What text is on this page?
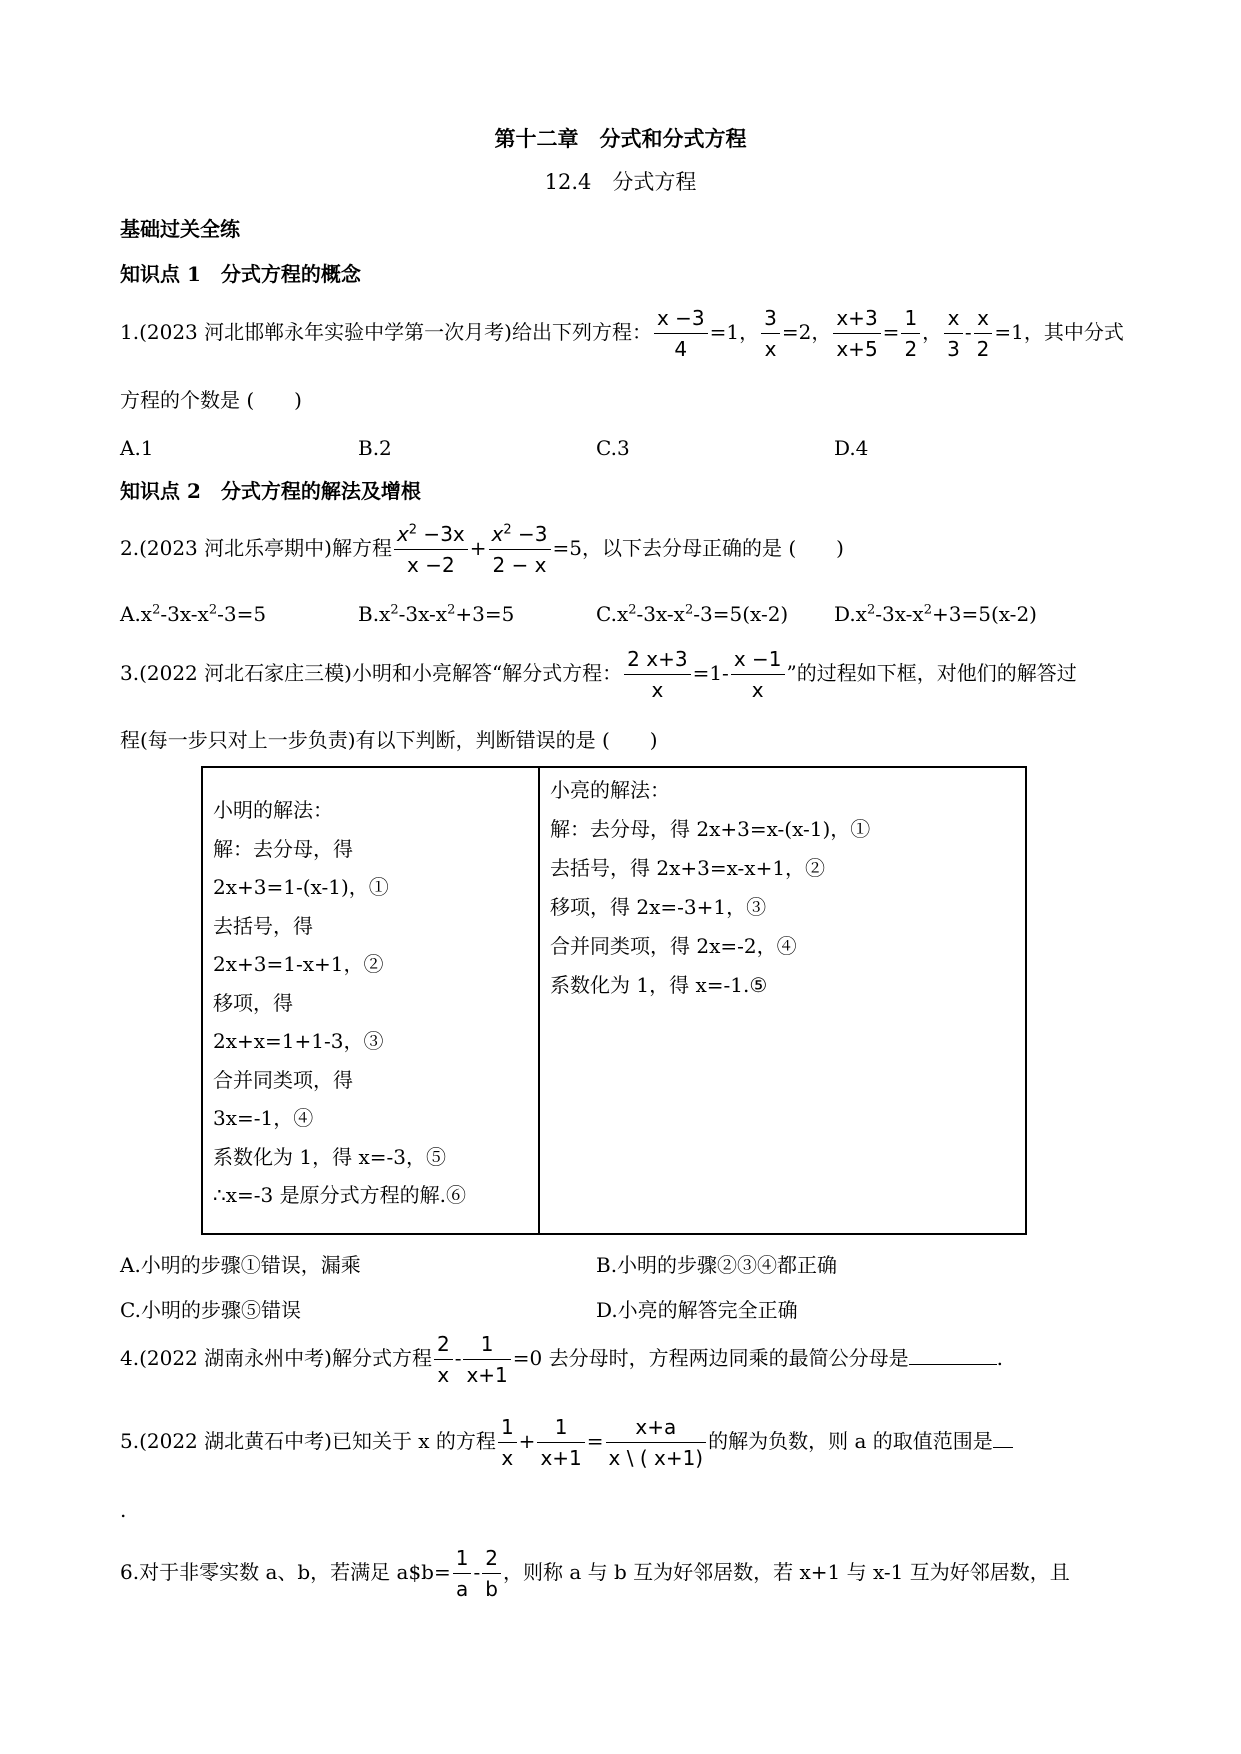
第十二章　分式和分式方程
12.4　分式方程
基础过关全练
知识点 1　分式方程的概念
1.(2023 河北邯郸永年实验中学第一次月考)给出下列方程： $\frac{x -3}{4} =1$， $\frac{3}{x} =2$， $\frac{x+3}{x+5} = \frac{1}{2}$ ， $\frac{x}{3} - \frac{x}{2} =1$，其中分式
方程的个数是 (　　)
A.1	B.2	C.3	D.4
知识点 2　分式方程的解法及增根
2.(2023 河北乐亭期中)解方程 $\frac{x^2 -3x}{x -2} + \frac{x^2 -3}{2 - x} =5$，以下去分母正确的是 (　　)
$A.x^2-3x-x^2-3=5$	$B.x^2-3x-x^2+3=5$	$C.x^2-3x-x^2-3=5(x-2)$ $D.x^2-3x-x^2+3=5(x-2)$
3.(2022 河北石家庄三模)小明和小亮解答“解分式方程： $\frac{2 x+3}{x} =1- \frac{x -1}{x}$ ”的过程如下框，对他们的解答过
程(每一步只对上一步负责)有以下判断，判断错误的是 (　　)
小明的解法：
解：去分母，得
2x+3=1-(x-1)，①
去括号，得
2x+3=1-x+1，②
移项，得
2x+x=1+1-3，③
合并同类项，得
3x=-1，④
系数化为 1，得 x=-3，⑤
∴x=-3 是原分式方程的解.⑥
小亮的解法：
解：去分母，得 2x+3=x-(x-1)，①
去括号，得 2x+3=x-x+1，②
移项，得 2x=-3+1，③
合并同类项，得 2x=-2，④
系数化为 1，得 x=-1.⑤
A.小明的步骤①错误，漏乘	B.小明的步骤②③④都正确
C.小明的步骤⑤错误	D.小亮的解答完全正确
4.(2022 湖南永州中考)解分式方程 $\frac{2}{x} - \frac{1}{x+1} =0$ 去分母时，方程两边同乘的最简公分母是	.
5.(2022 湖北黄石中考)已知关于 x 的方程 $\frac{1}{x} + \frac{1}{x+1} = \frac{x+a}{x \backslash ( x+1)}$ 的解为负数，则 a 的取值范围是
.
6.对于非零实数 a、b，若满足 a$b= $\frac{1}{a} - \frac{2}{b}$ ，则称 a 与 b 互为好邻居数，若 x+1 与 x-1 互为好邻居数，且
